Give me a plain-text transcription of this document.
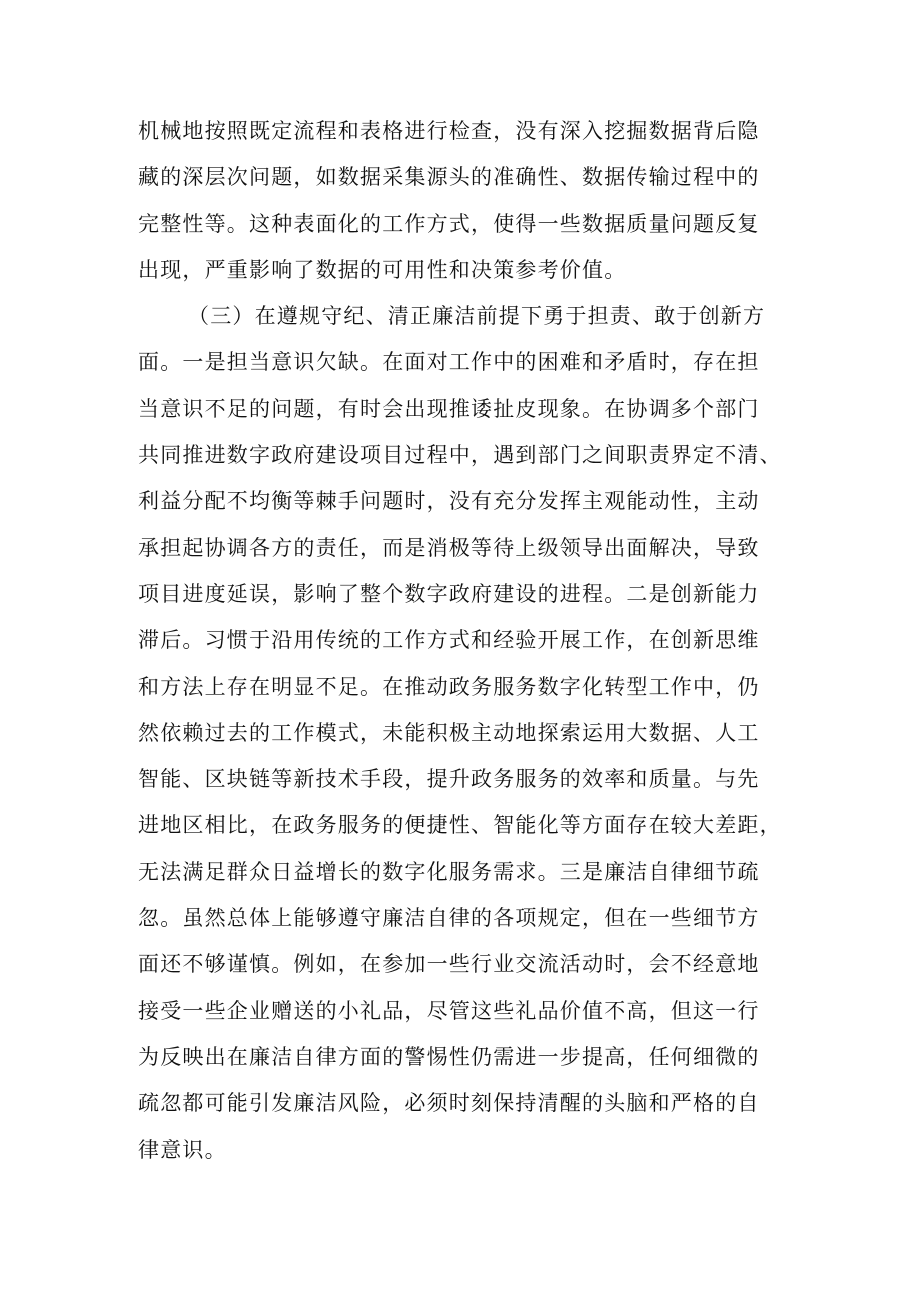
机械地按照既定流程和表格进行检查，没有深入挖掘数据背后隐
藏的深层次问题，如数据采集源头的准确性、数据传输过程中的
完整性等。这种表面化的工作方式，使得一些数据质量问题反复
出现，严重影响了数据的可用性和决策参考价值。
（三）在遵规守纪、清正廉洁前提下勇于担责、敢于创新方
面。一是担当意识欠缺。在面对工作中的困难和矛盾时，存在担
当意识不足的问题，有时会出现推诿扯皮现象。在协调多个部门
共同推进数字政府建设项目过程中，遇到部门之间职责界定不清、
利益分配不均衡等棘手问题时，没有充分发挥主观能动性，主动
承担起协调各方的责任，而是消极等待上级领导出面解决，导致
项目进度延误，影响了整个数字政府建设的进程。二是创新能力
滞后。习惯于沿用传统的工作方式和经验开展工作，在创新思维
和方法上存在明显不足。在推动政务服务数字化转型工作中，仍
然依赖过去的工作模式，未能积极主动地探索运用大数据、人工
智能、区块链等新技术手段，提升政务服务的效率和质量。与先
进地区相比，在政务服务的便捷性、智能化等方面存在较大差距，
无法满足群众日益增长的数字化服务需求。三是廉洁自律细节疏
忽。虽然总体上能够遵守廉洁自律的各项规定，但在一些细节方
面还不够谨慎。例如，在参加一些行业交流活动时，会不经意地
接受一些企业赠送的小礼品，尽管这些礼品价值不高，但这一行
为反映出在廉洁自律方面的警惕性仍需进一步提高，任何细微的
疏忽都可能引发廉洁风险，必须时刻保持清醒的头脑和严格的自
律意识。
